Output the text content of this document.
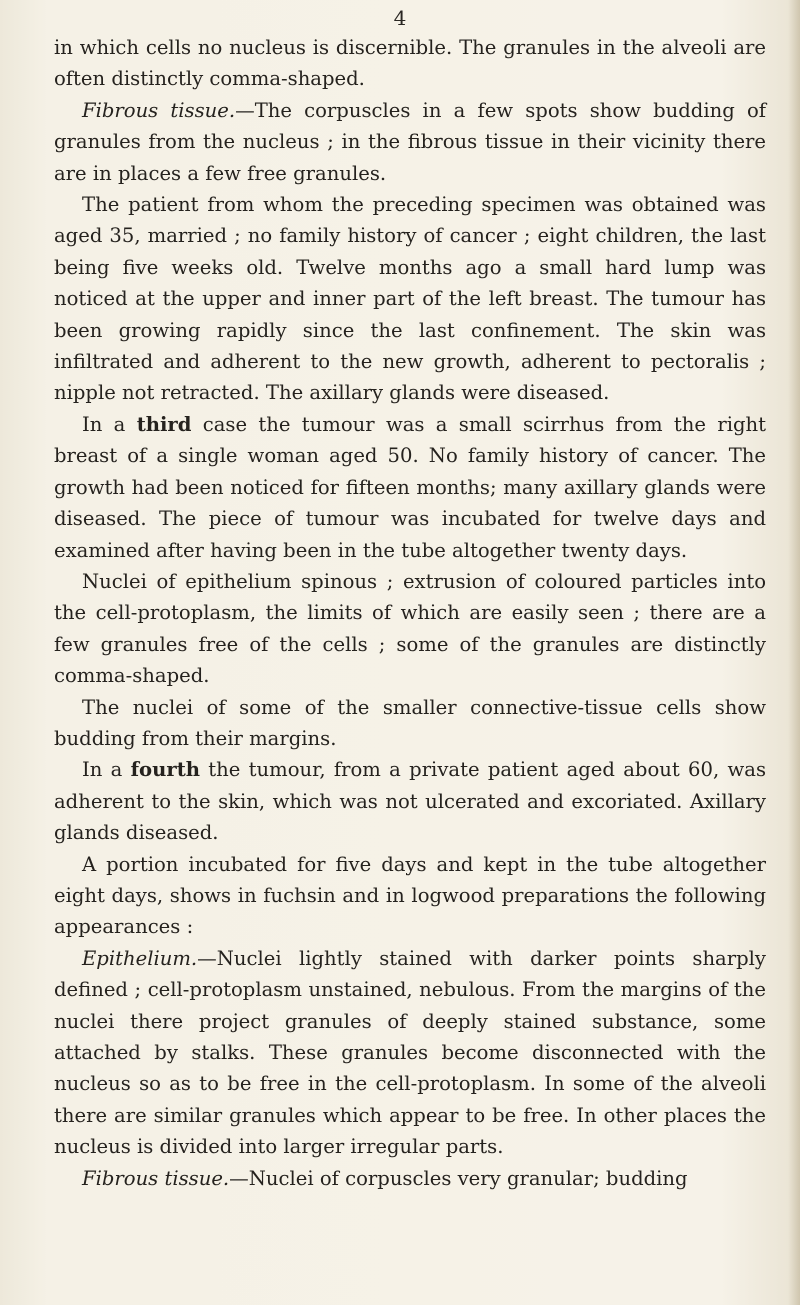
4

in which cells no nucleus is discernible. The granules in the alveoli are often distinctly comma-shaped.

Fibrous tissue.—The corpuscles in a few spots show budding of granules from the nucleus ; in the fibrous tissue in their vicinity there are in places a few free granules.

The patient from whom the preceding specimen was obtained was aged 35, married ; no family history of cancer ; eight children, the last being five weeks old. Twelve months ago a small hard lump was noticed at the upper and inner part of the left breast. The tumour has been growing rapidly since the last confinement. The skin was infiltrated and adherent to the new growth, adherent to pectoralis ; nipple not retracted. The axillary glands were diseased.

In a third case the tumour was a small scirrhus from the right breast of a single woman aged 50. No family history of cancer. The growth had been noticed for fifteen months; many axillary glands were diseased. The piece of tumour was incubated for twelve days and examined after having been in the tube altogether twenty days.

Nuclei of epithelium spinous ; extrusion of coloured particles into the cell-protoplasm, the limits of which are easily seen ; there are a few granules free of the cells ; some of the granules are distinctly comma-shaped.

The nuclei of some of the smaller connective-tissue cells show budding from their margins.

In a fourth the tumour, from a private patient aged about 60, was adherent to the skin, which was not ulcerated and excoriated. Axillary glands diseased.

A portion incubated for five days and kept in the tube altogether eight days, shows in fuchsin and in logwood preparations the following appearances :

Epithelium.—Nuclei lightly stained with darker points sharply defined ; cell-protoplasm unstained, nebulous. From the margins of the nuclei there project granules of deeply stained substance, some attached by stalks. These granules become disconnected with the nucleus so as to be free in the cell-protoplasm. In some of the alveoli there are similar granules which appear to be free. In other places the nucleus is divided into larger irregular parts.

Fibrous tissue.—Nuclei of corpuscles very granular; budding
